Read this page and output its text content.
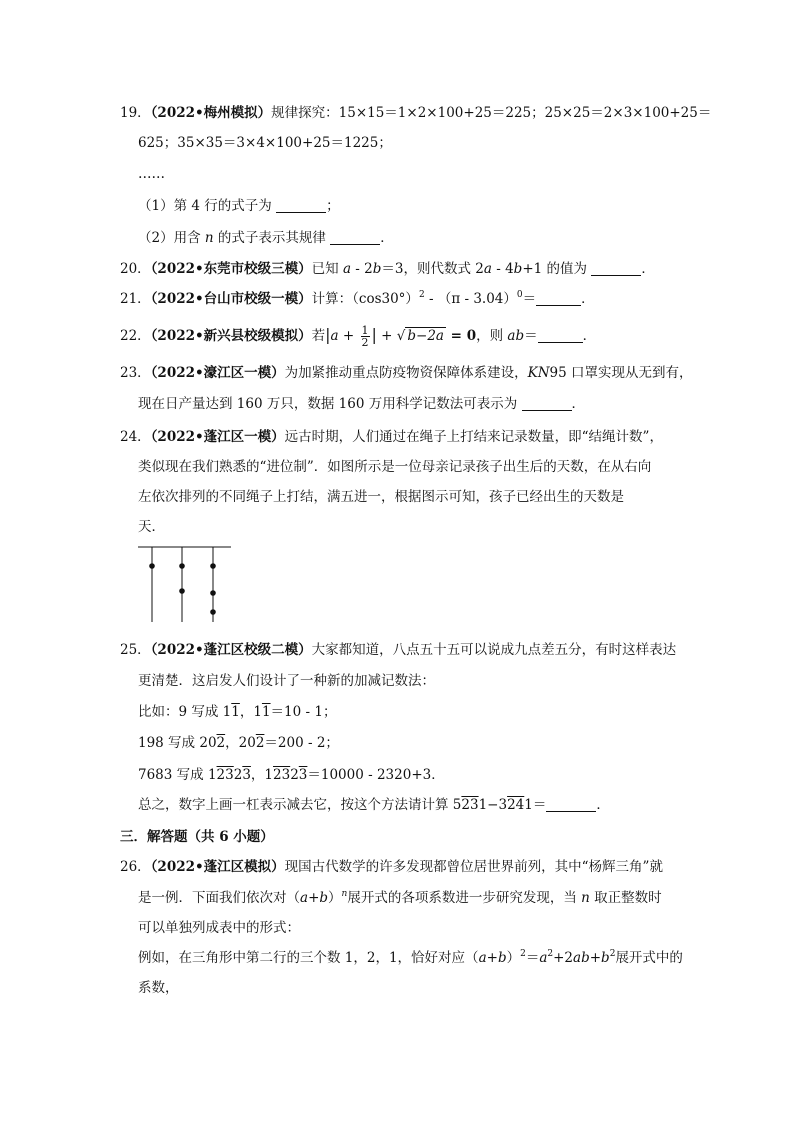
19．（2022•梅州模拟）规律探究：15×15＝1×2×100+25＝225；25×25＝2×3×100+25＝
625；35×35＝3×4×100+25＝1225；
……
（1）第 4 行的式子为	；
（2）用含 n 的式子表示其规律	．
20．（2022•东莞市校级三模）已知 a - 2b＝3，则代数式 2a - 4b+1 的值为	．
21．（2022•台山市校级一模）计算：$(\cos 30^\circ)^2 - (\pi - 3.04)^0=$	．
22．（2022•新兴县校级模拟）若$|a + \frac{1}{2}$ | + √ b−2a = 0，则 ab＝	．
23．（2022•濠江区一模）为加紧推动重点防疫物资保障体系建设，KN95 口罩实现从无到有，
现在日产量达到 160 万只，数据 160 万用科学记数法可表示为	．
24．（2022•蓬江区一模）远古时期，人们通过在绳子上打结来记录数量，即“结绳计数”，
类似现在我们熟悉的“进位制”．如图所示是一位母亲记录孩子出生后的天数，在从右向
左依次排列的不同绳子上打结，满五进一，根据图示可知，孩子已经出生的天数是
天．
25．（2022•蓬江区校级二模）大家都知道，八点五十五可以说成九点差五分，有时这样表达
更清楚．这启发人们设计了一种新的加减记数法：
比如：9 写成 11，11＝10 - 1；
198 写成 202，202＝200 - 2；
7683 写成 12323，12323＝10000 - 2320+3．
总之，数字上画一杠表示减去它，按这个方法请计算 5231−3241＝	．
三．解答题（共 6 小题）
26．（2022•蓬江区模拟）现国古代数学的许多发现都曾位居世界前列，其中“杨辉三角”就
是一例．下面我们依次对$(a+b)^n$展开式的各项系数进一步研究发现，当 n 取正整数时
可以单独列成表中的形式：
例如，在三角形中第二行的三个数 1，2，1，恰好对应$(a+b)^2=a^2+2ab+b^2$展开式中的
系数，
